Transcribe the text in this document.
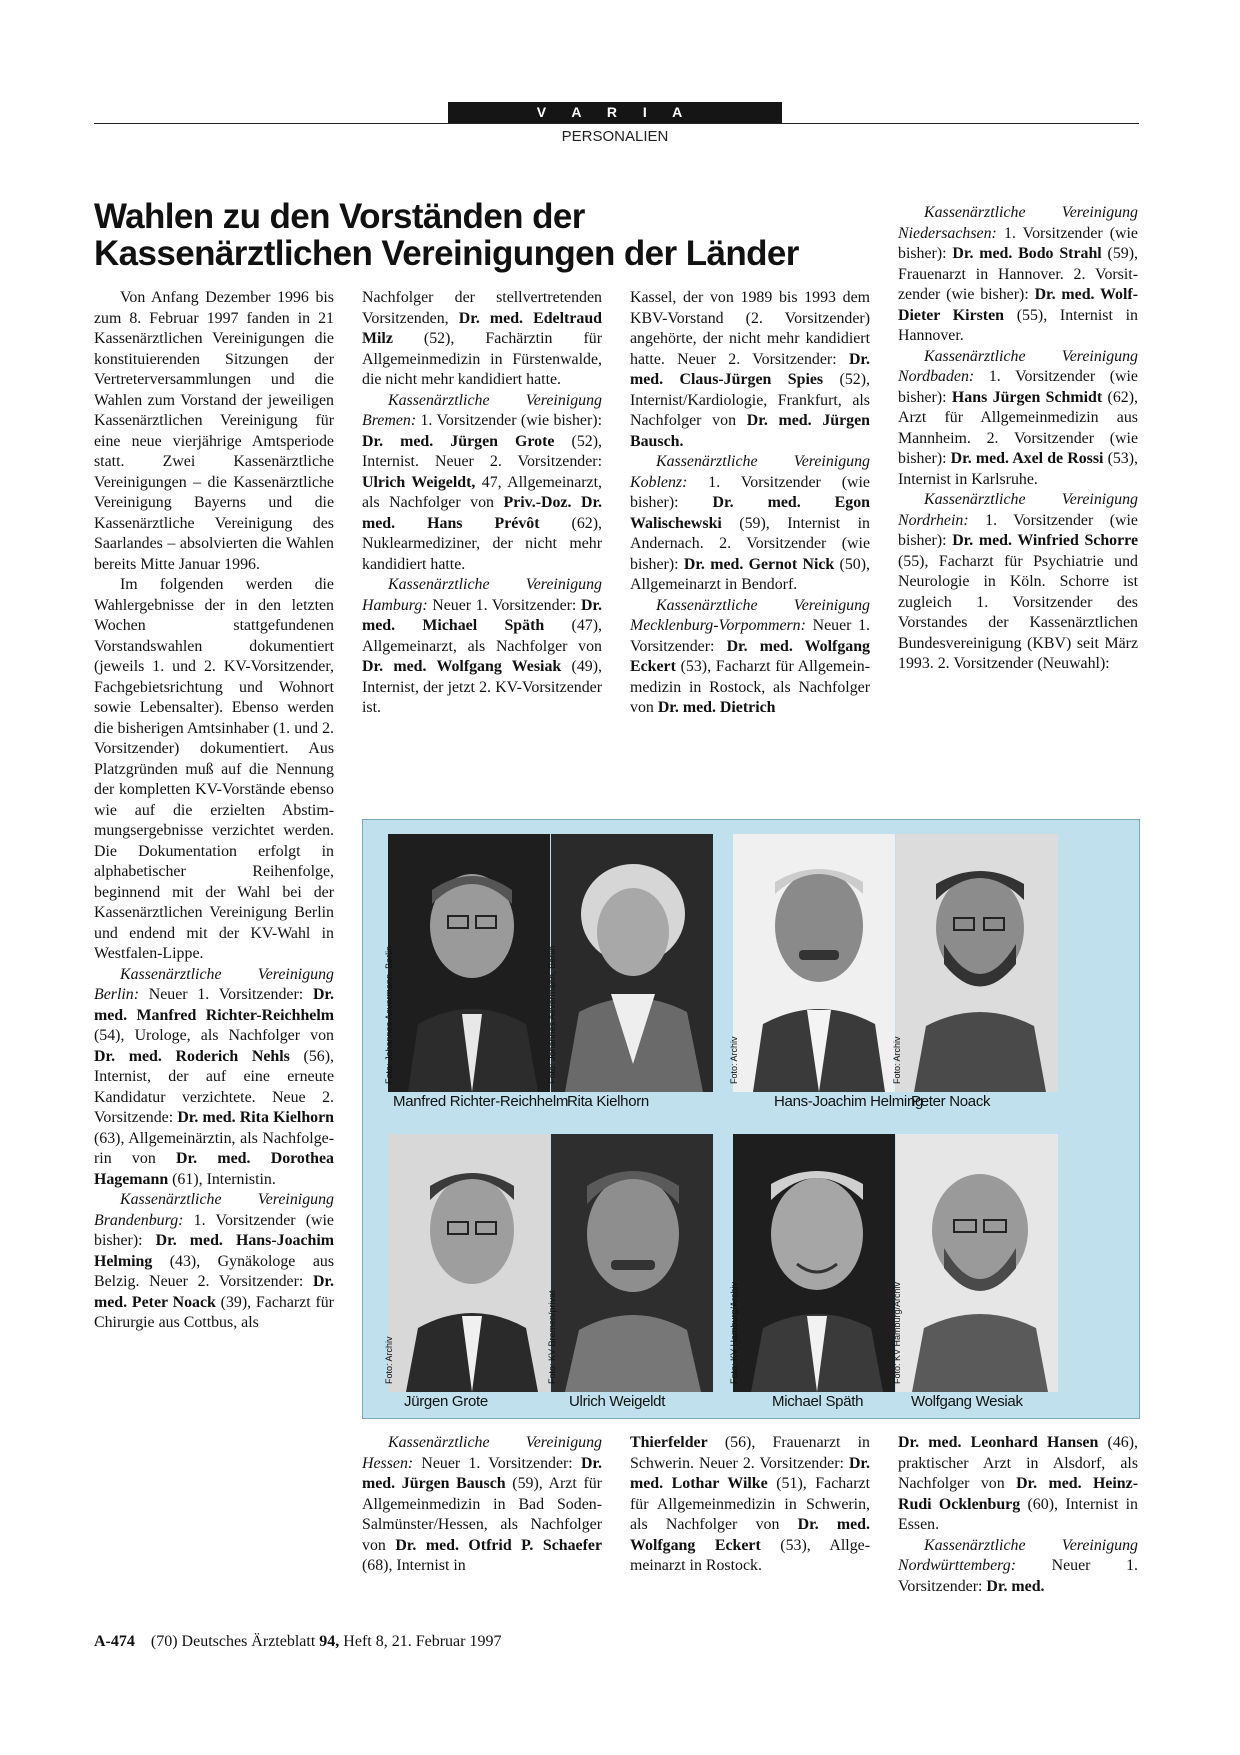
V A R I A
PERSONALIEN
Wahlen zu den Vorständen der
Kassenärztlichen Vereinigungen der Länder

Von Anfang Dezember 1996 bis zum 8. Februar 1997 fanden in 21 Kassenärztlichen Vereinigungen die konstituierenden Sitzungen der Vertreterversammlungen und die Wahlen zum Vorstand der jeweiligen Kassenärztlichen Vereinigung für eine neue vierjährige Amtsperiode statt. Zwei Kassenärztliche Vereinigungen – die Kassenärztliche Vereinigung Bayerns und die Kassenärztliche Vereinigung des Saarlandes – absolvierten die Wahlen bereits Mitte Januar 1996.

Im folgenden werden die Wahlergebnisse der in den letzten Wochen stattgefundenen Vorstandswahlen dokumentiert (jeweils 1. und 2. KV-Vorsitzender, Fachgebietsrichtung und Wohnort sowie Lebensalter). Ebenso werden die bisherigen Amtsinhaber (1. und 2. Vorsitzender) dokumentiert. Aus Platzgründen muß auf die Nennung der kompletten KV-Vorstände ebenso wie auf die erzielten Abstimmungsergebnisse verzichtet werden. Die Dokumentation erfolgt in alphabetischer Reihenfolge, beginnend mit der Wahl bei der Kassenärztlichen Vereinigung Berlin und endend mit der KV-Wahl in Westfalen-Lippe.

Kassenärztliche Vereinigung Berlin: Neuer 1. Vorsitzender: Dr. med. Manfred Richter-Reichhelm (54), Urologe, als Nachfolger von Dr. med. Roderich Nehls (56), Internist, der auf eine erneute Kandidatur verzichtete. Neue 2. Vorsitzende: Dr. med. Rita Kielhorn (63), Allgemeinärztin, als Nachfolgerin von Dr. med. Dorothea Hagemann (61), Internistin.

Kassenärztliche Vereinigung Brandenburg: 1. Vorsitzender (wie bisher): Dr. med. Hans-Joachim Helming (43), Gynäkologe aus Belzig. Neuer 2. Vorsitzender: Dr. med. Peter Noack (39), Facharzt für Chirurgie aus Cottbus, als

Nachfolger der stellvertretenden Vorsitzenden, Dr. med. Edeltraud Milz (52), Fachärztin für Allgemeinmedizin in Fürstenwalde, die nicht mehr kandidiert hatte.

Kassenärztliche Vereinigung Bremen: 1. Vorsitzender (wie bisher): Dr. med. Jürgen Grote (52), Internist. Neuer 2. Vorsitzender: Ulrich Weigeldt, 47, Allgemeinarzt, als Nachfolger von Priv.-Doz. Dr. med. Hans Prévôt (62), Nuklearmediziner, der nicht mehr kandidiert hatte.

Kassenärztliche Vereinigung Hamburg: Neuer 1. Vorsitzender: Dr. med. Michael Späth (47), Allgemeinarzt, als Nachfolger von Dr. med. Wolfgang Wesiak (49), Internist, der jetzt 2. KV-Vorsitzender ist.

Kassel, der von 1989 bis 1993 dem KBV-Vorstand (2. Vorsitzender) angehörte, der nicht mehr kandidiert hatte. Neuer 2. Vorsitzender: Dr. med. Claus-Jürgen Spies (52), Internist/Kardiologie, Frankfurt, als Nachfolger von Dr. med. Jürgen Bausch.

Kassenärztliche Vereinigung Koblenz: 1. Vorsitzender (wie bisher): Dr. med. Egon Walischewski (59), Internist in Andernach. 2. Vorsitzender (wie bisher): Dr. med. Gernot Nick (50), Allgemeinarzt in Bendorf.

Kassenärztliche Vereinigung Mecklenburg-Vorpommern: Neuer 1. Vorsitzender: Dr. med. Wolfgang Eckert (53), Facharzt für Allgemeinmedizin in Rostock, als Nachfolger von Dr. med. Dietrich

Kassenärztliche Vereinigung Niedersachsen: 1. Vorsitzender (wie bisher): Dr. med. Bodo Strahl (59), Frauenarzt in Hannover. 2. Vorsitzender (wie bisher): Dr. med. Wolf-Dieter Kirsten (55), Internist in Hannover.

Kassenärztliche Vereinigung Nordbaden: 1. Vorsitzender (wie bisher): Hans Jürgen Schmidt (62), Arzt für Allgemeinmedizin aus Mannheim. 2. Vorsitzender (wie bisher): Dr. med. Axel de Rossi (53), Internist in Karlsruhe.

Kassenärztliche Vereinigung Nordrhein: 1. Vorsitzender (wie bisher): Dr. med. Winfried Schorre (55), Facharzt für Psychiatrie und Neurologie in Köln. Schorre ist zugleich 1. Vorsitzender des Vorstandes der Kassenärztlichen Bundesvereinigung (KBV) seit März 1993. 2. Vorsitzender (Neuwahl):

Foto: Johannes Aevermann, Berlin	Foto: Johannes Aevermann, Berlin	Foto: Archiv	Foto: Archiv
Foto: Archiv	Foto: KV Bremen/privat	Foto: KV Hamburg/Archiv	Foto: KV Hamburg/Archiv
Manfred Richter-Reichhelm
Rita Kielhorn	Hans-Joachim Helming
Peter Noack
Jürgen Grote	Ulrich Weigeldt	Michael Späth	Wolfgang Wesiak

Kassenärztliche Vereinigung Hessen: Neuer 1. Vorsitzender: Dr. med. Jürgen Bausch (59), Arzt für Allgemeinmedizin in Bad Soden-Salmünster/Hessen, als Nachfolger von Dr. med. Otfrid P. Schaefer (68), Internist in

Thierfelder (56), Frauenarzt in Schwerin. Neuer 2. Vorsitzender: Dr. med. Lothar Wilke (51), Facharzt für Allgemeinmedizin in Schwerin, als Nachfolger von Dr. med. Wolfgang Eckert (53), Allgemeinarzt in Rostock.

Dr. med. Leonhard Hansen (46), praktischer Arzt in Alsdorf, als Nachfolger von Dr. med. Heinz-Rudi Ocklenburg (60), Internist in Essen.

Kassenärztliche Vereinigung Nordwürttemberg: Neuer 1. Vorsitzender: Dr. med.

A-474 (70) Deutsches Ärzteblatt 94, Heft 8, 21. Februar 1997
